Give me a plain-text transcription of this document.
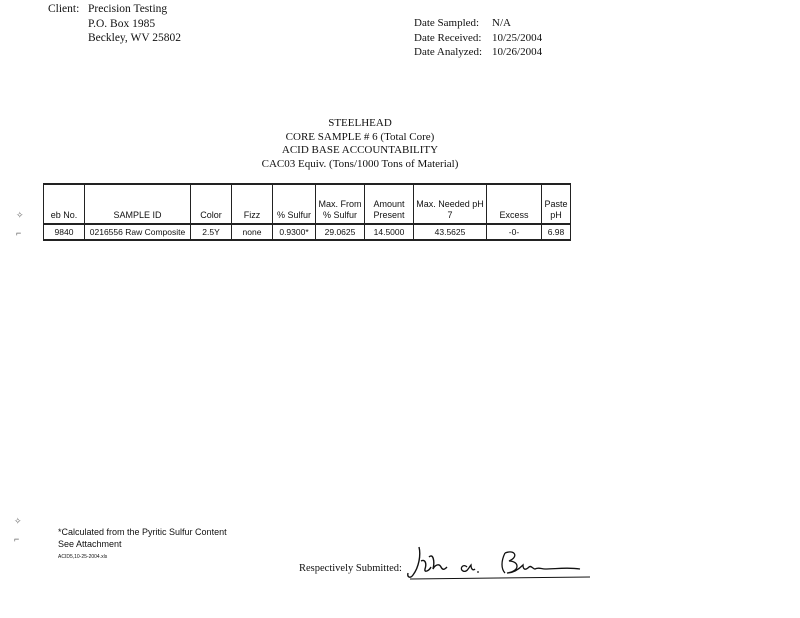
Client: Precision Testing
P.O. Box 1985
Beckley, WV 25802
Date Sampled:	N/A
Date Received: 10/25/2004
Date Analyzed: 10/26/2004
STEELHEAD
CORE SAMPLE # 6 (Total Core)
ACID BASE ACCOUNTABILITY
CAC03 Equiv. (Tons/1000 Tons of Material)
eb No.	SAMPLE ID	Color	Fizz	% Sulfur	Max. From % Sulfur	Amount Present	Max. Needed pH 7	Excess	Paste pH
9840	0216556 Raw Composite	2.5Y	none	0.9300*	29.0625	14.5000	43.5625	-0-	6.98
*Calculated from the Pyritic Sulfur Content
See Attachment
ACID5,10-25-2004.xls
Respectively Submitted:
✧
⌐
✧
⌐
